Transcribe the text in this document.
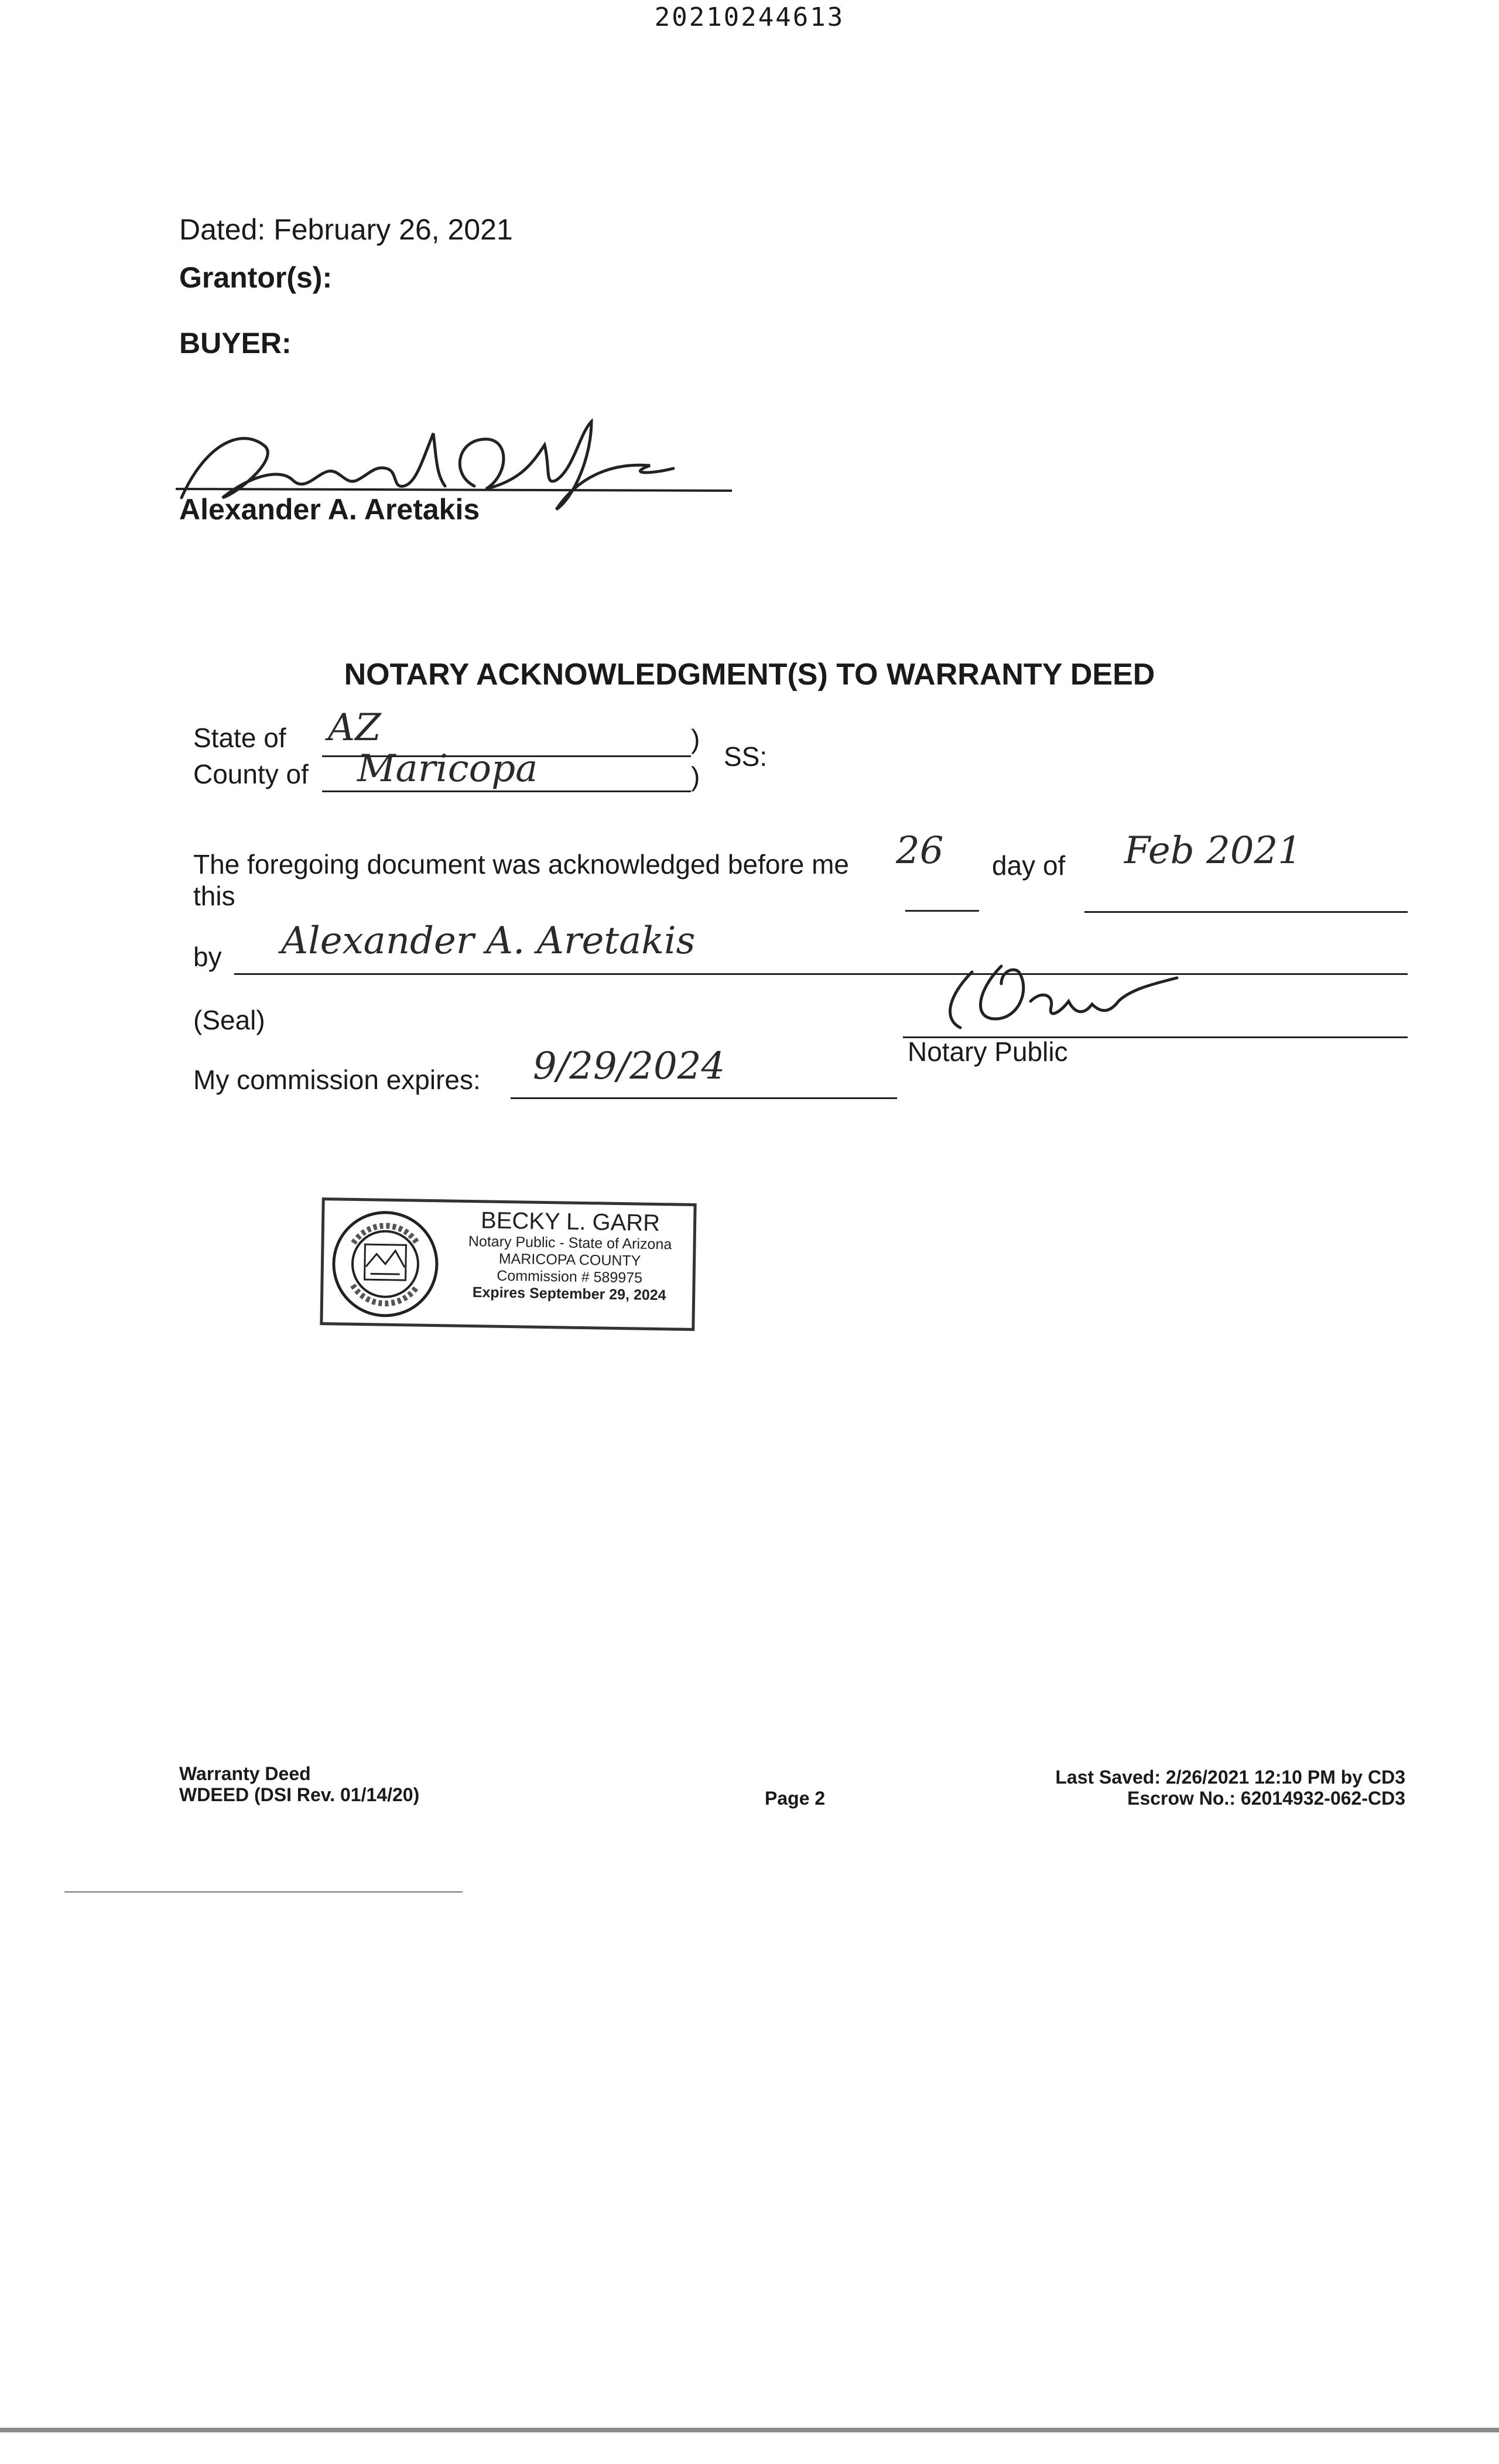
20210244613
Dated: February 26, 2021
Grantor(s):
BUYER:
Alexander A. Aretakis
NOTARY ACKNOWLEDGMENT(S) TO WARRANTY DEED
State of AZ	)
County of Maricopa	)
SS:
The foregoing document was acknowledged before me
this
26 day of Feb 2021
by Alexander A. Aretakis
(Seal)
Notary Public
My commission expires: 9/29/2024
BECKY L. GARR
Notary Public - State of Arizona
MARICOPA COUNTY
Commission # 589975
Expires September 29, 2024
Warranty Deed
WDEED (DSI Rev. 01/14/20)	Page 2
Last Saved: 2/26/2021 12:10 PM by CD3
Escrow No.: 62014932-062-CD3
